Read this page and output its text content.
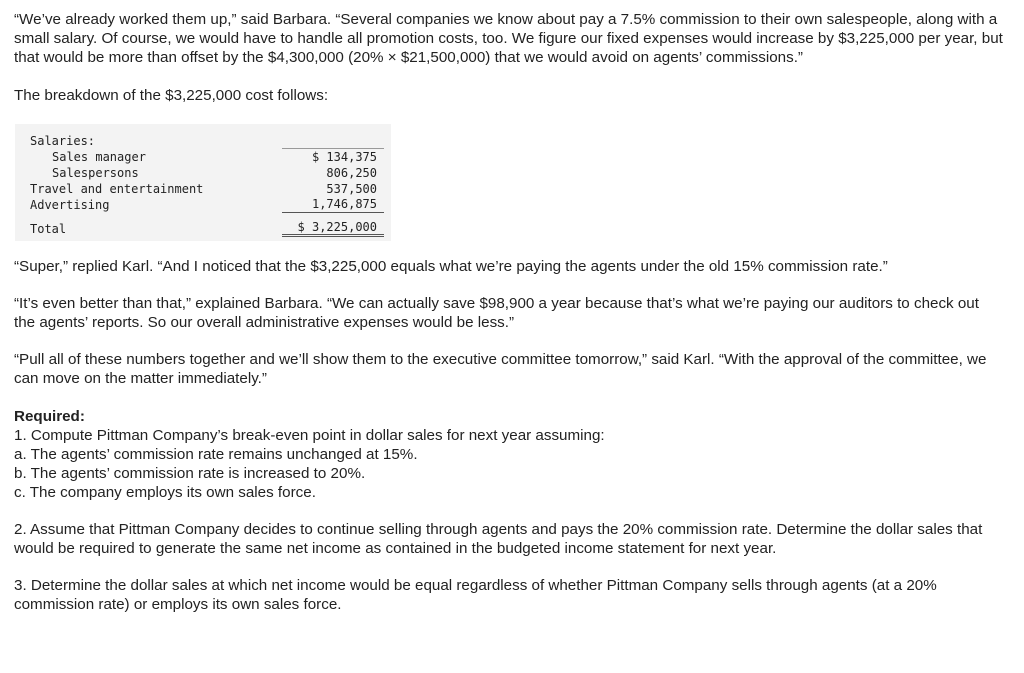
“We’ve already worked them up,” said Barbara. “Several companies we know about pay a 7.5% commission to their own salespeople, along with a small salary. Of course, we would have to handle all promotion costs, too. We figure our fixed expenses would increase by $3,225,000 per year, but that would be more than offset by the $4,300,000 (20% × $21,500,000) that we would avoid on agents’ commissions.”

The breakdown of the $3,225,000 cost follows:

Salaries:
Sales manager	$ 134,375
Salespersons	806,250
Travel and entertainment	537,500
Advertising	1,746,875
Total	$ 3,225,000

“Super,” replied Karl. “And I noticed that the $3,225,000 equals what we’re paying the agents under the old 15% commission rate.”

“It’s even better than that,” explained Barbara. “We can actually save $98,900 a year because that’s what we’re paying our auditors to check out the agents’ reports. So our overall administrative expenses would be less.”

“Pull all of these numbers together and we’ll show them to the executive committee tomorrow,” said Karl. “With the approval of the committee, we can move on the matter immediately.”

Required:

1. Compute Pittman Company’s break-even point in dollar sales for next year assuming:

a. The agents’ commission rate remains unchanged at 15%.

b. The agents’ commission rate is increased to 20%.

c. The company employs its own sales force.

2. Assume that Pittman Company decides to continue selling through agents and pays the 20% commission rate. Determine the dollar sales that would be required to generate the same net income as contained in the budgeted income statement for next year.

3. Determine the dollar sales at which net income would be equal regardless of whether Pittman Company sells through agents (at a 20% commission rate) or employs its own sales force.
